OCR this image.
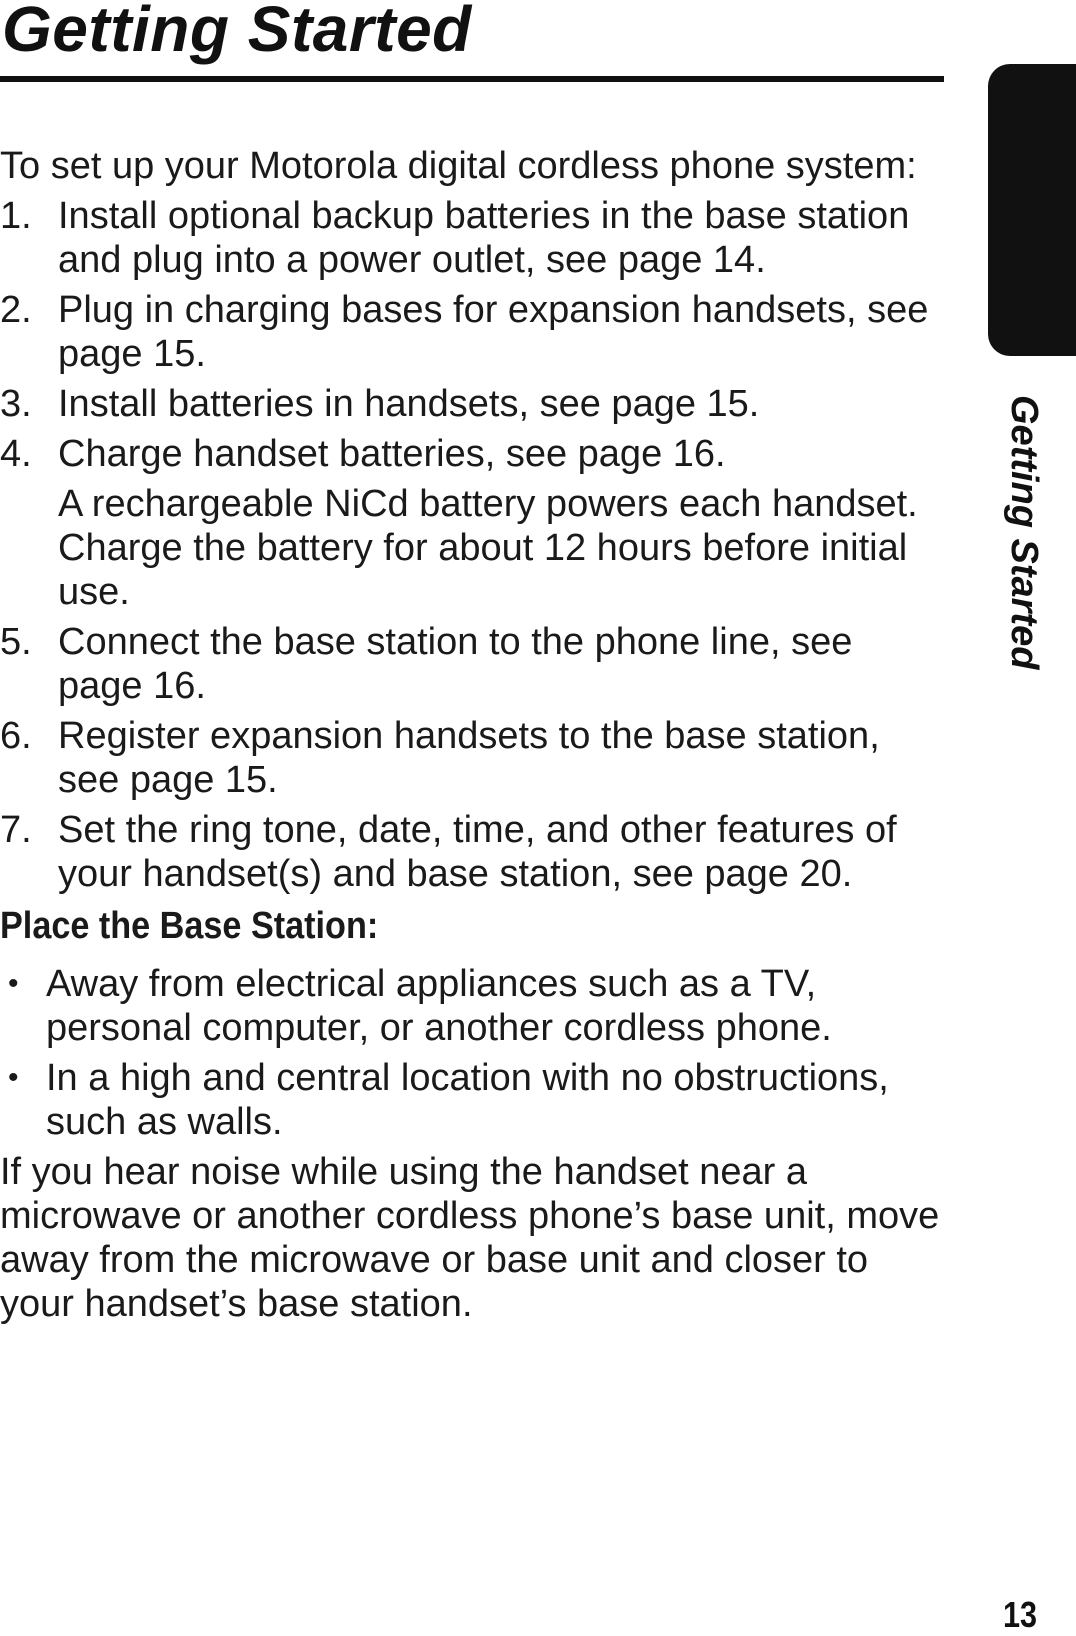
Getting Started
Getting Started

To set up your Motorola digital cordless phone system:

1. Install optional backup batteries in the base station and plug into a power outlet, see page 14.
2. Plug in charging bases for expansion handsets, see page 15.
3. Install batteries in handsets, see page 15.
4. Charge handset batteries, see page 16.

A rechargeable NiCd battery powers each handset. Charge the battery for about 12 hours before initial use.

5. Connect the base station to the phone line, see page 16.
6. Register expansion handsets to the base station, see page 15.
7. Set the ring tone, date, time, and other features of your handset(s) and base station, see page 20.
Place the Base Station:
• Away from electrical appliances such as a TV, personal computer, or another cordless phone.
• In a high and central location with no obstructions, such as walls.

If you hear noise while using the handset near a microwave or another cordless phone’s base unit, move away from the microwave or base unit and closer to your handset’s base station.

13
